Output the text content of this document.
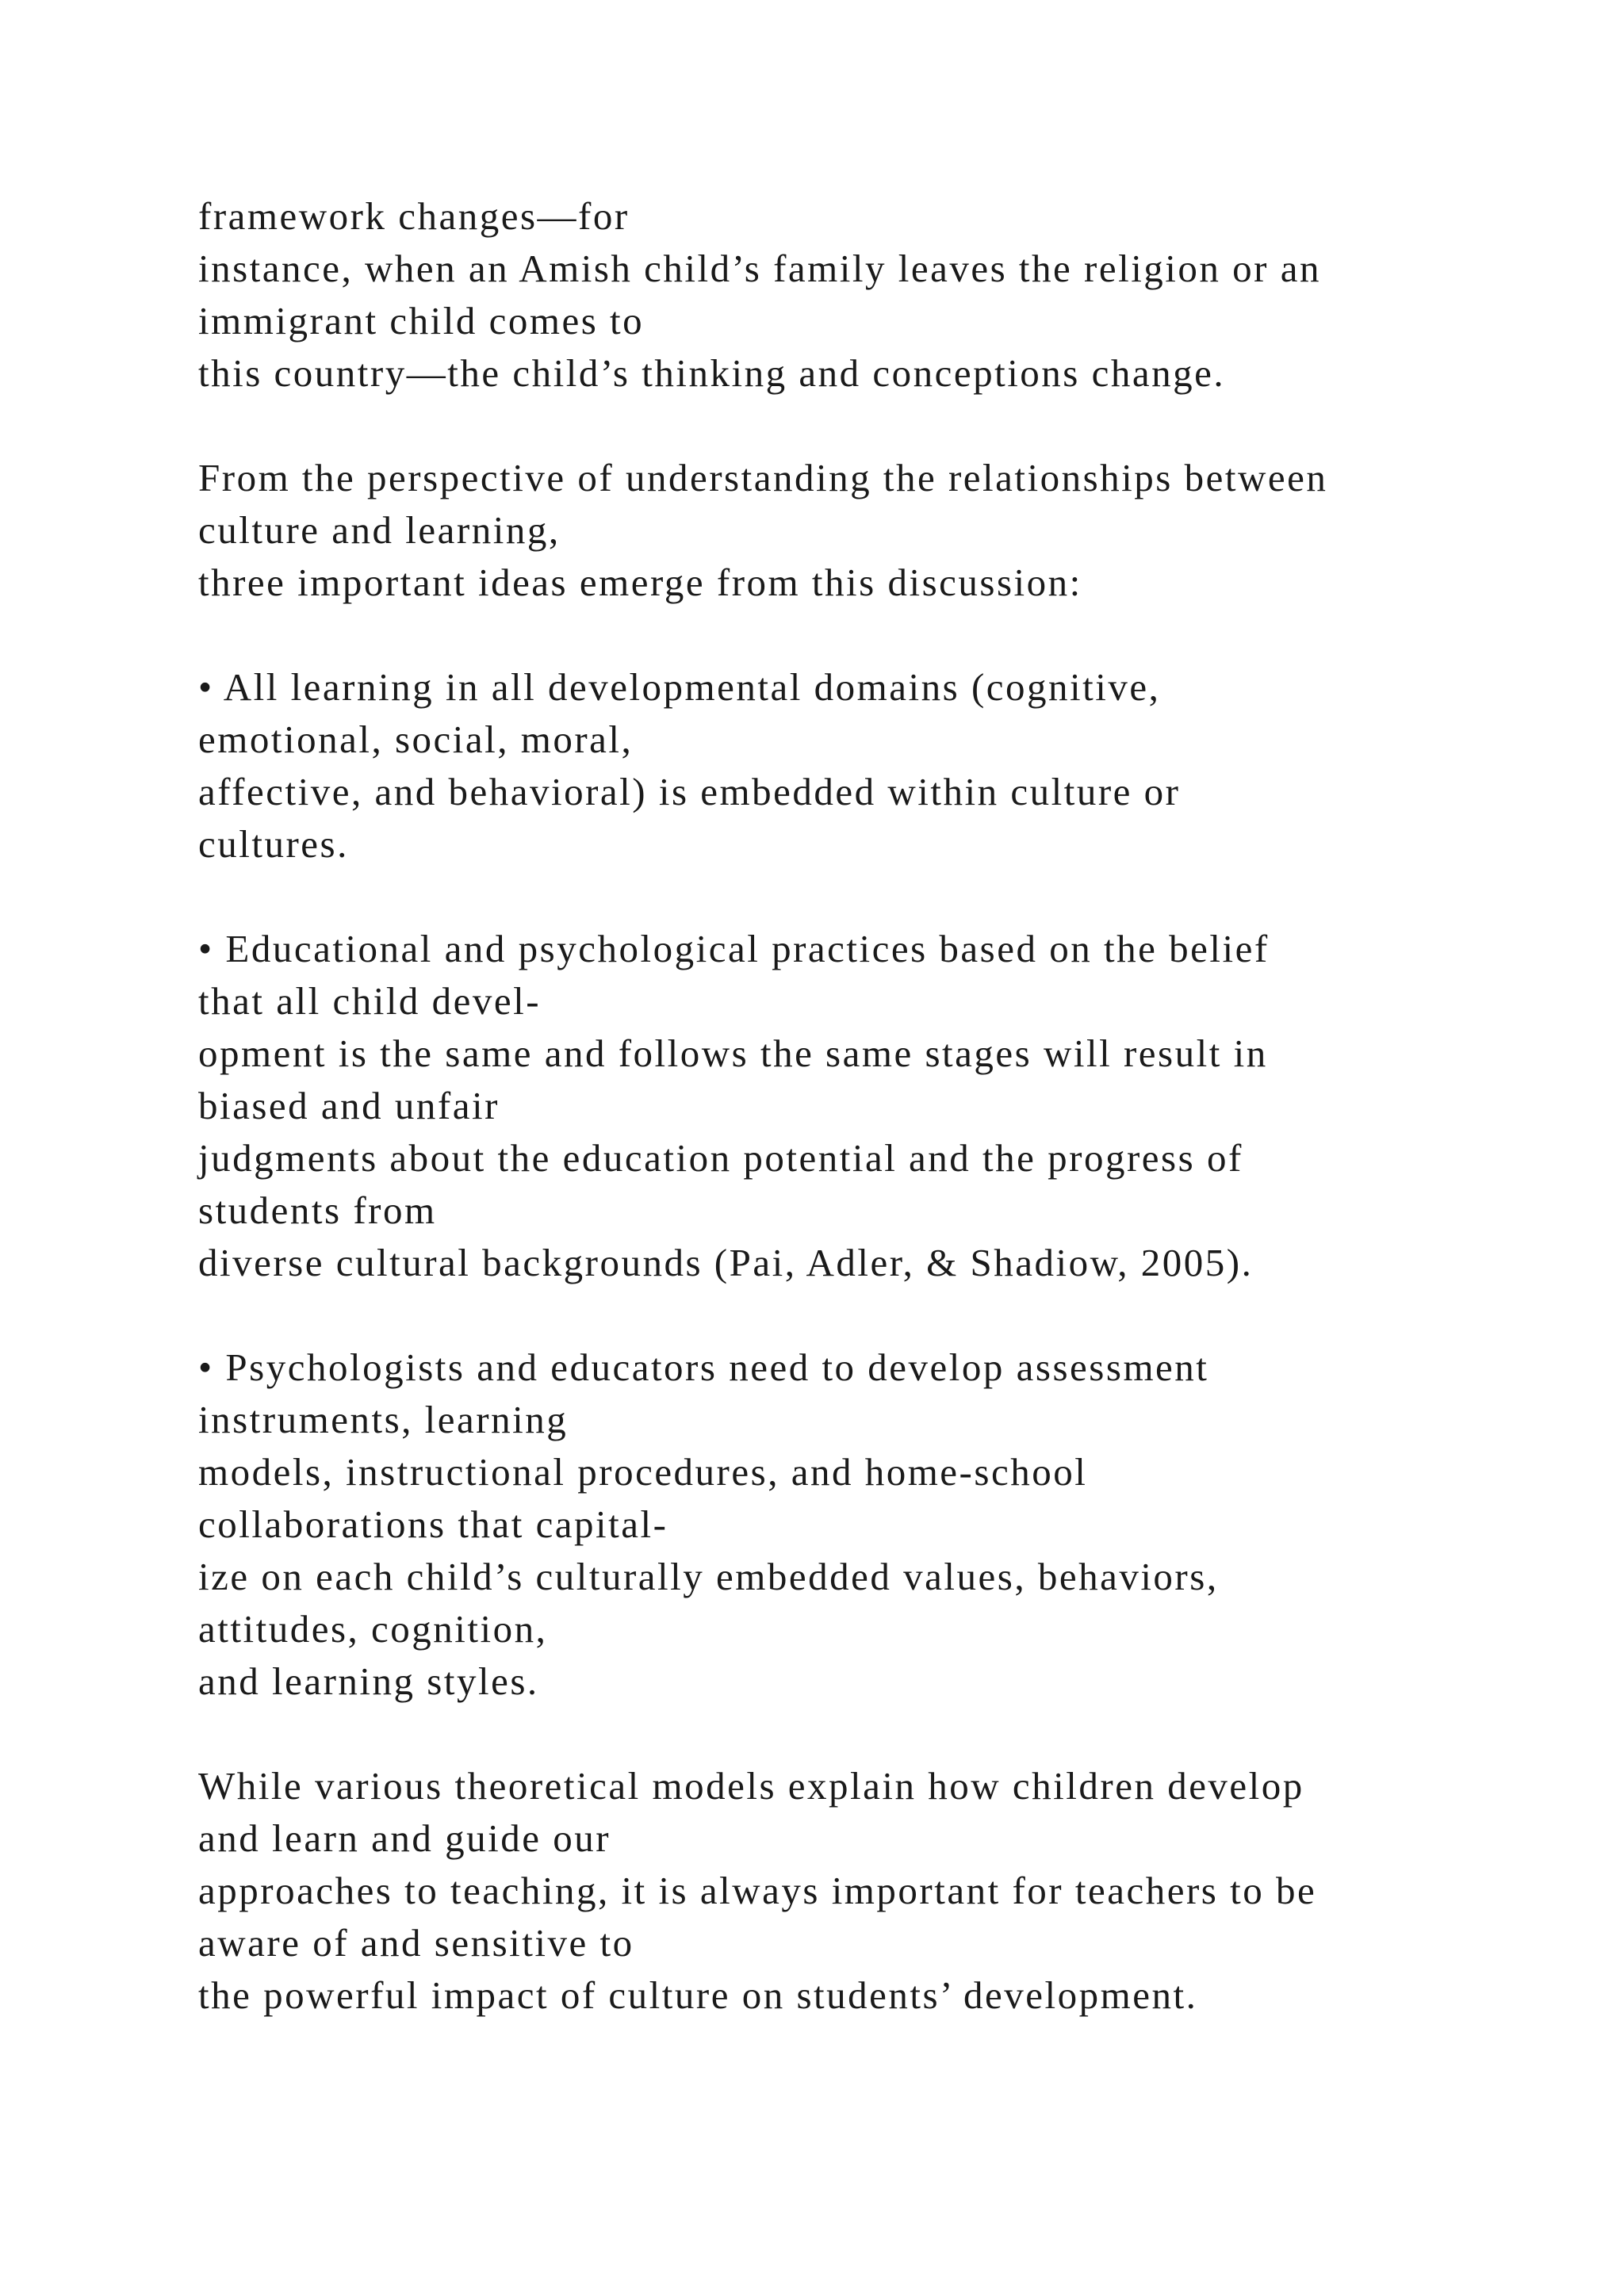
framework changes—for
instance, when an Amish child’s family leaves the religion or an
immigrant child comes to
this country—the child’s thinking and conceptions change.

From the perspective of understanding the relationships between
culture and learning,
three important ideas emerge from this discussion:

• All learning in all developmental domains (cognitive,
emotional, social, moral,
affective, and behavioral) is embedded within culture or
cultures.

• Educational and psychological practices based on the belief
that all child devel-
opment is the same and follows the same stages will result in
biased and unfair
judgments about the education potential and the progress of
students from
diverse cultural backgrounds (Pai, Adler, & Shadiow, 2005).

• Psychologists and educators need to develop assessment
instruments, learning
models, instructional procedures, and home-school
collaborations that capital-
ize on each child’s culturally embedded values, behaviors,
attitudes, cognition,
and learning styles.

While various theoretical models explain how children develop
and learn and guide our
approaches to teaching, it is always important for teachers to be
aware of and sensitive to
the powerful impact of culture on students’ development.
